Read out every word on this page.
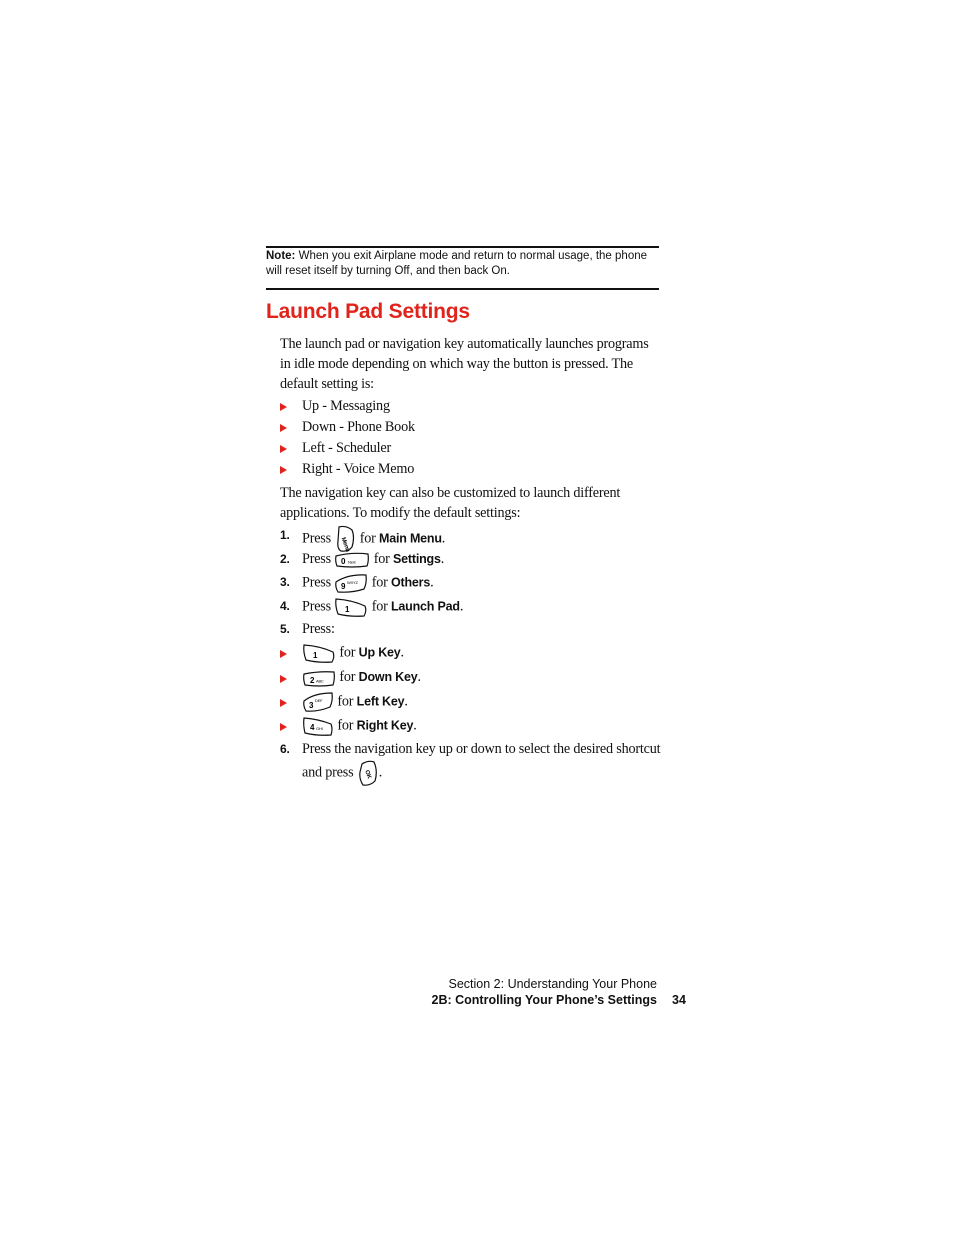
Note: When you exit Airplane mode and return to normal usage, the phone will reset itself by turning Off, and then back On.
Launch Pad Settings
The launch pad or navigation key automatically launches programs in idle mode depending on which way the button is pressed. The default setting is:
Up - Messaging
Down - Phone Book
Left - Scheduler
Right - Voice Memo
The navigation key can also be customized to launch different applications. To modify the default settings:
1. Press Menu for Main Menu.
2. Press 0 Next for Settings.
3. Press 9 WXYZ for Others.
4. Press 1 for Launch Pad.
5. Press:
1 for Up Key.
2 ABC for Down Key.
3
DEF for Left Key.
4 GHI for Right Key.
6. Press the navigation key up or down to select the desired shortcut
and press OK .
Section 2: Understanding Your Phone
2B: Controlling Your Phone’s Settings 34
